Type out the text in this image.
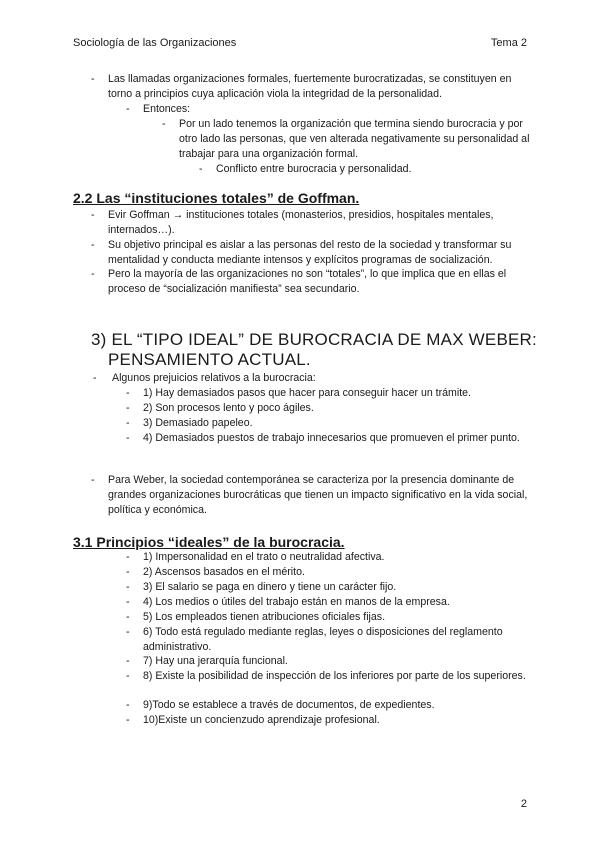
Sociología de las Organizaciones	Tema 2
- Las llamadas organizaciones formales, fuertemente burocratizadas, se constituyen en torno a principios cuya aplicación viola la integridad de la personalidad.
- Entonces:
- Por un lado tenemos la organización que termina siendo burocracia y por otro lado las personas, que ven alterada negativamente su personalidad al trabajar para una organización formal.
- Conflicto entre burocracia y personalidad.
2.2 Las “instituciones totales” de Goffman.
- Evir Goffman → instituciones totales (monasterios, presidios, hospitales mentales, internados…).
- Su objetivo principal es aislar a las personas del resto de la sociedad y transformar su mentalidad y conducta mediante intensos y explícitos programas de socialización.
- Pero la mayoría de las organizaciones no son “totales”, lo que implica que en ellas el proceso de “socialización manifiesta” sea secundario.
3) EL “TIPO IDEAL” DE BUROCRACIA DE MAX WEBER:
PENSAMIENTO ACTUAL.
- Algunos prejuicios relativos a la burocracia:
- 1) Hay demasiados pasos que hacer para conseguir hacer un trámite.
- 2) Son procesos lento y poco ágiles.
- 3) Demasiado papeleo.
- 4) Demasiados puestos de trabajo innecesarios que promueven el primer punto.
- Para Weber, la sociedad contemporánea se caracteriza por la presencia dominante de grandes organizaciones burocráticas que tienen un impacto significativo en la vida social, política y económica.
3.1 Principios “ideales” de la burocracia.
- 1) Impersonalidad en el trato o neutralidad afectiva.
- 2) Ascensos basados en el mérito.
- 3) El salario se paga en dinero y tiene un carácter fijo.
- 4) Los medios o útiles del trabajo están en manos de la empresa.
- 5) Los empleados tienen atribuciones oficiales fijas.
- 6) Todo está regulado mediante reglas, leyes o disposiciones del reglamento administrativo.
- 7) Hay una jerarquía funcional.
- 8) Existe la posibilidad de inspección de los inferiores por parte de los superiores.
- 9)Todo se establece a través de documentos, de expedientes.
- 10)Existe un concienzudo aprendizaje profesional.
2
